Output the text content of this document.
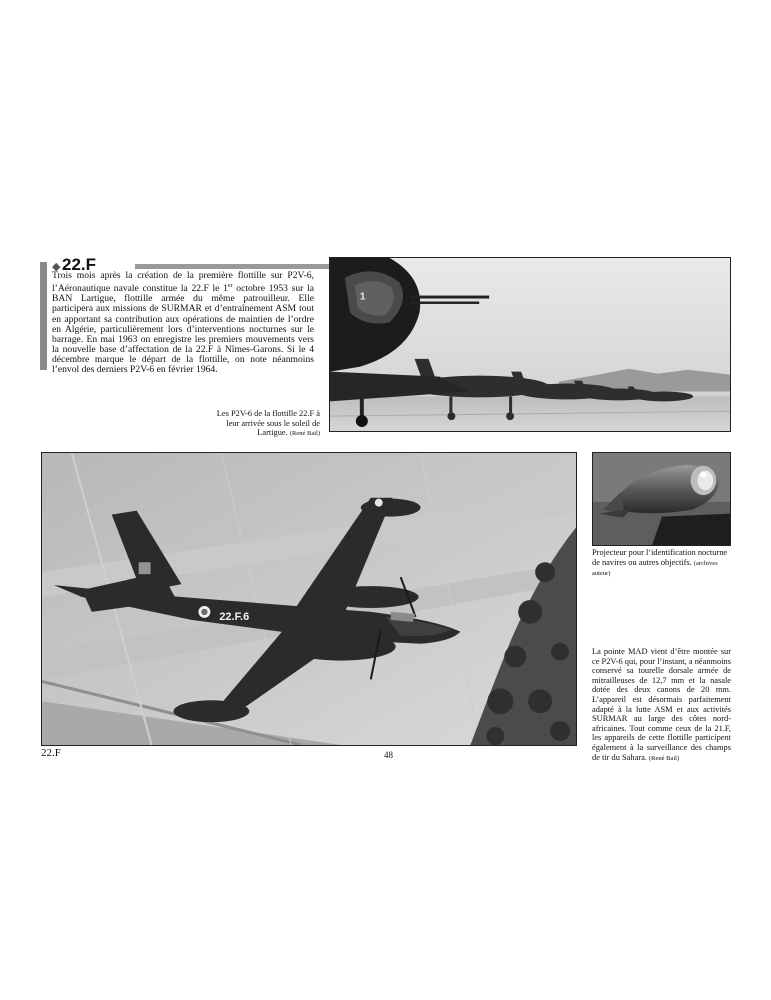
◆ 22.F

Trois mois après la création de la première flottille sur P2V-6, l’Aéronautique navale constitue la 22.F le 1er octobre 1953 sur la BAN Lartigue, flottille armée du même patrouilleur. Elle participera aux missions de SURMAR et d’entraînement ASM tout en apportant sa contribution aux opérations de maintien de l’ordre en Algérie, particulièrement lors d’interventions nocturnes sur le barrage. En mai 1963 on enregistre les premiers mouvements vers la nouvelle base d’affectation de la 22.F à Nîmes-Garons. Si le 4 décembre marque le départ de la flottille, on note néanmoins l’envol des derniers P2V-6 en février 1964.

1

Les P2V-6 de la flottille 22.F à leur arrivée sous le soleil de Lartigue. (René Bail)

22.F.6

Projecteur pour l’identification nocturne de navires ou autres objectifs. (archives auteur)

La pointe MAD vient d’être montée sur ce P2V-6 qui, pour l’instant, a néanmoins conservé sa tourelle dorsale armée de mitrailleuses de 12,7 mm et la nasale dotée des deux canons de 20 mm. L’appareil est désormais parfaitement adapté à la lutte ASM et aux activités SURMAR au large des côtes nord-africaines. Tout comme ceux de la 21.F, les appareils de cette flottille participent également à la surveillance des champs de tir du Sahara. (René Bail)

22.F	48
